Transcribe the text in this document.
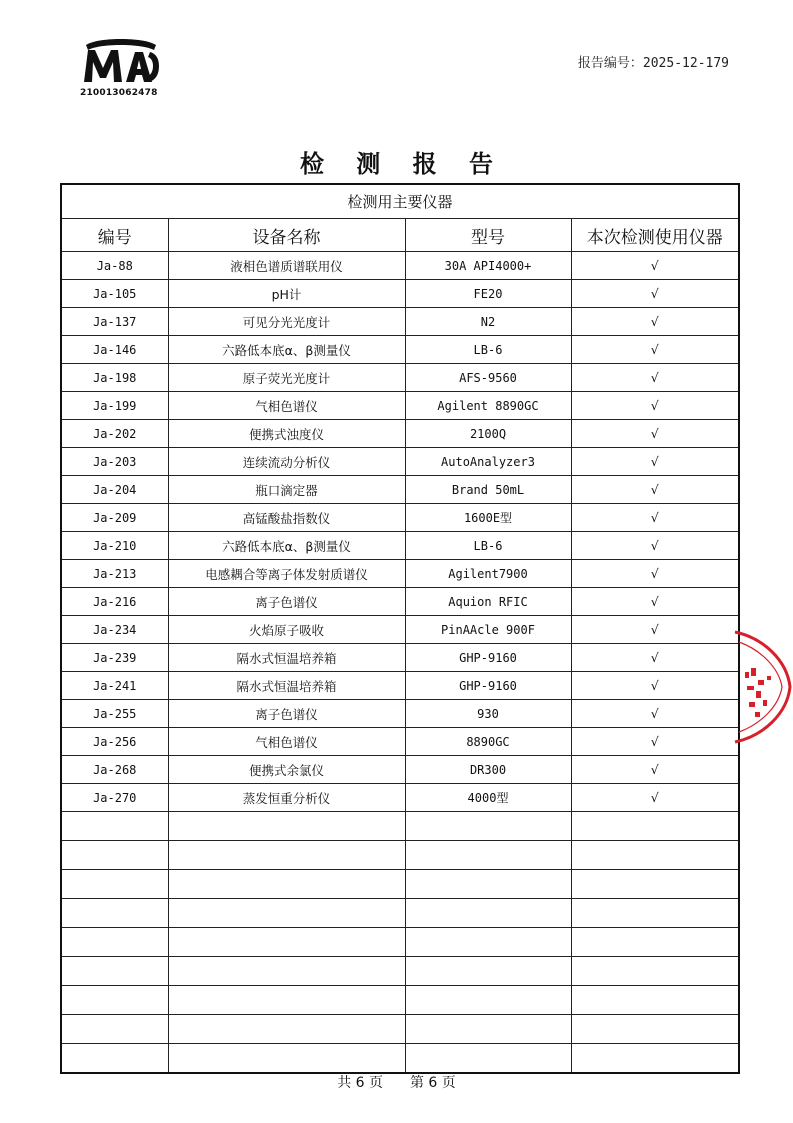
210013062478
报告编号：2025-12-179
检 测 报 告
检测用主要仪器			
编号	设备名称	型号	本次检测使用仪器
Ja-88	液相色谱质谱联用仪	30A API4000+	√
Ja-105	pH计	FE20	√
Ja-137	可见分光光度计	N2	√
Ja-146	六路低本底α、β测量仪	LB-6	√
Ja-198	原子荧光光度计	AFS-9560	√
Ja-199	气相色谱仪	Agilent 8890GC	√
Ja-202	便携式浊度仪	2100Q	√
Ja-203	连续流动分析仪	AutoAnalyzer3	√
Ja-204	瓶口滴定器	Brand 50mL	√
Ja-209	高锰酸盐指数仪	1600E型	√
Ja-210	六路低本底α、β测量仪	LB-6	√
Ja-213	电感耦合等离子体发射质谱仪	Agilent7900	√
Ja-216	离子色谱仪	Aquion RFIC	√
Ja-234	火焰原子吸收	PinAAcle 900F	√
Ja-239	隔水式恒温培养箱	GHP-9160	√
Ja-241	隔水式恒温培养箱	GHP-9160	√
Ja-255	离子色谱仪	930	√
Ja-256	气相色谱仪	8890GC	√
Ja-268	便携式余氯仪	DR300	√
Ja-270	蒸发恒重分析仪	4000型	√

共 6 页 第 6 页
